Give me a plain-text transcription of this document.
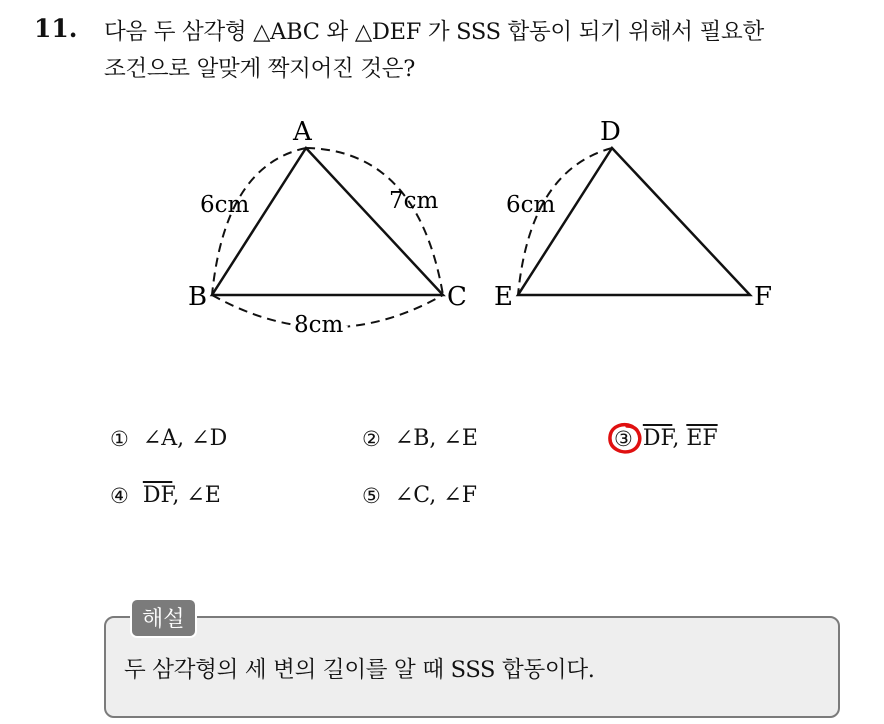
11. 다음 두 삼각형 △ABC 와 △DEF 가 SSS 합동이 되기 위해서 필요한
조건으로 알맞게 짝지어진 것은?
A
B	C
D
E	F
6cm	7cm
8cm
6cm
① ∠A, ∠D	② ∠B, ∠E	③ $\overline{DF}$, $\overline{EF}$
④ $\overline{DF}$, ∠E	⑤ ∠C, ∠F
해설
두 삼각형의 세 변의 길이를 알 때 SSS 합동이다.
